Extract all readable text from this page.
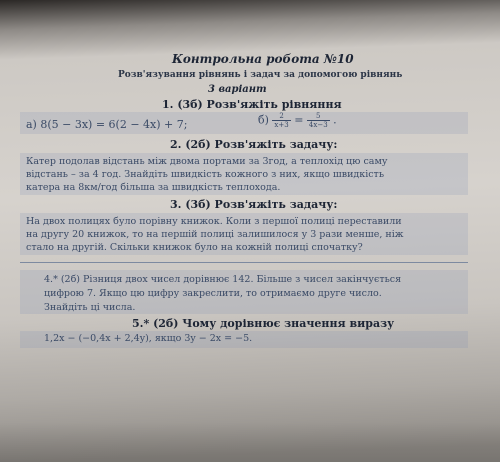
Контрольна робота №10
Розв'язування рівнянь і задач за допомогою рівнянь
3 варіант
1. (3б) Розв'яжіть рівняння
а) 8(5 − 3x) = 6(2 − 4x) + 7;	$б) \frac{2}{x+3} = \frac{5}{4x-3}$ .
2. (2б) Розв'яжіть задачу:
Катер подолав відстань між двома портами за 3год, а теплохід цю саму
відстань – за 4 год. Знайдіть швидкість кожного з них, якщо швидкість
катера на 8км/год більша за швидкість теплохода.
3. (3б) Розв'яжіть задачу:
На двох полицях було порівну книжок. Коли з першої полиці переставили
на другу 20 книжок, то на першій полиці залишилося у 3 рази менше, ніж
стало на другій. Скільки книжок було на кожній полиці спочатку?
4.* (2б) Різниця двох чисел дорівнює 142. Більше з чисел закінчується
цифрою 7. Якщо цю цифру закреслити, то отримаємо друге число.
Знайдіть ці числа.
5.* (2б) Чому дорівнює значення виразу
1,2x − (−0,4x + 2,4y), якщо 3y − 2x = −5.
